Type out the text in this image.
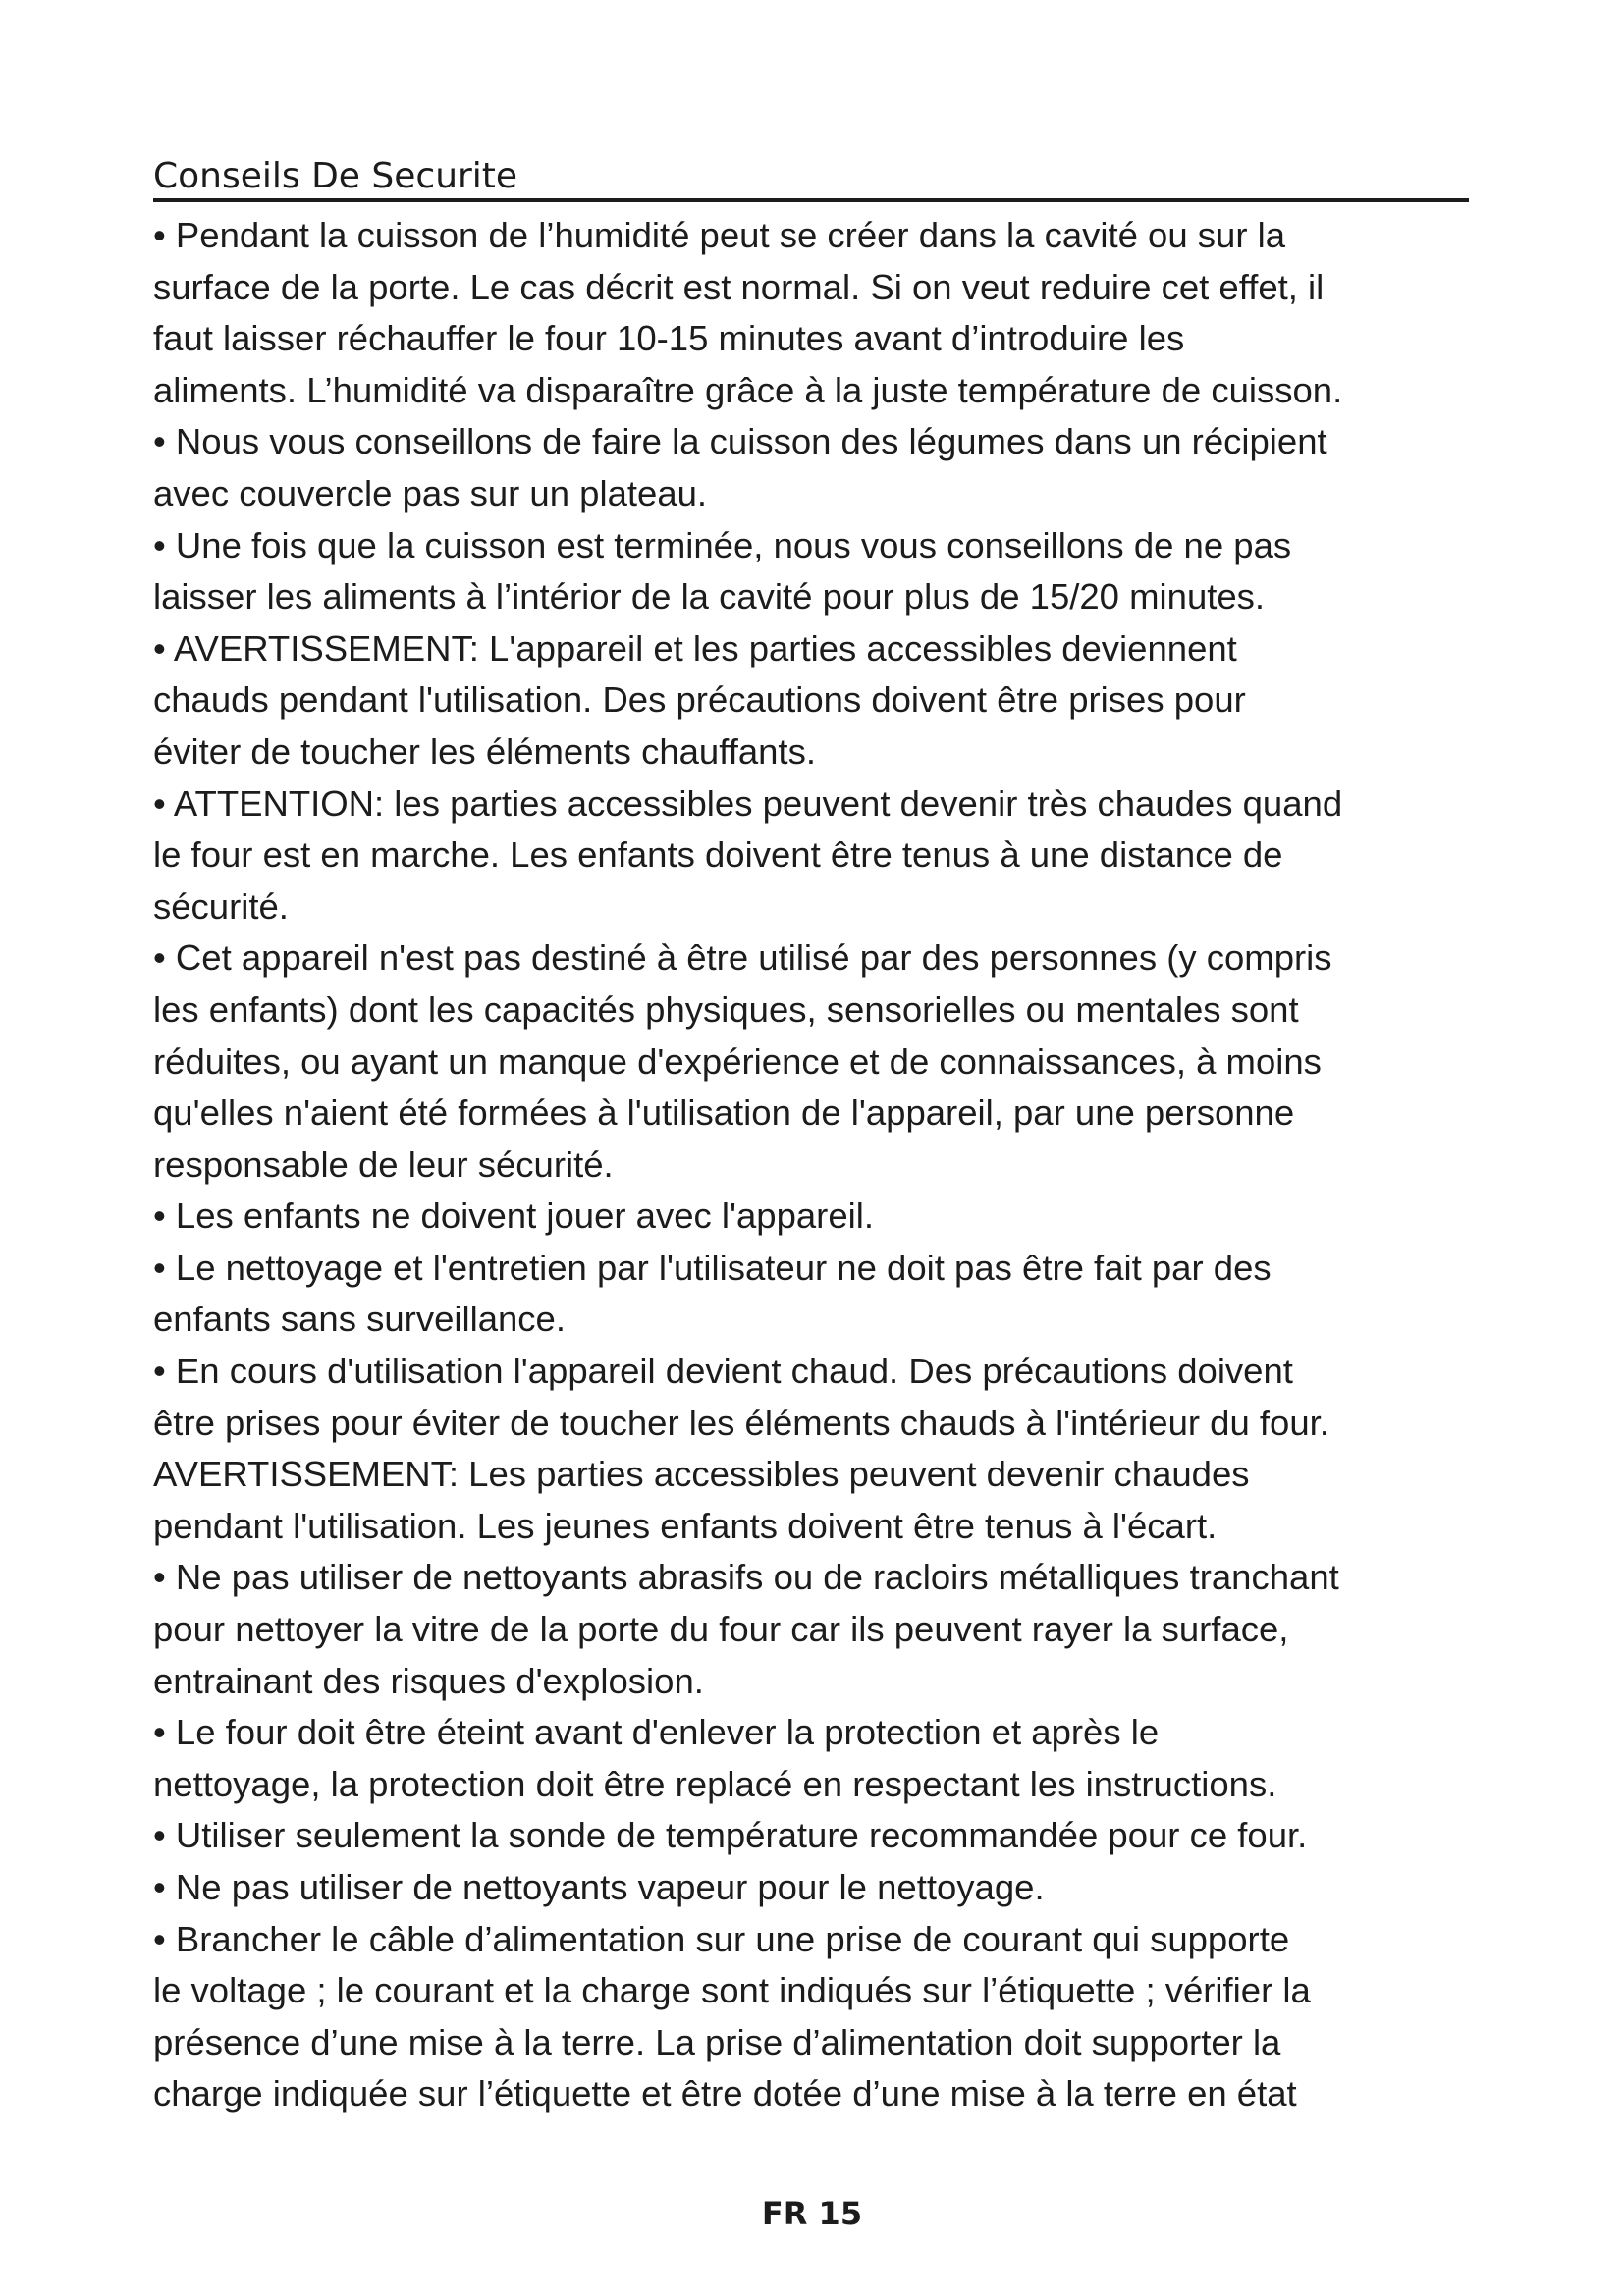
Conseils De Securite
• Pendant la cuisson de l’humidité peut se créer dans la cavité ou sur la
surface de la porte. Le cas décrit est normal. Si on veut reduire cet effet, il
faut laisser réchauffer le four 10-15 minutes avant d’introduire les
aliments. L’humidité va disparaître grâce à la juste température de cuisson.
• Nous vous conseillons de faire la cuisson des légumes dans un récipient
avec couvercle pas sur un plateau.
• Une fois que la cuisson est terminée, nous vous conseillons de ne pas
laisser les aliments à l’intérior de la cavité pour plus de 15/20 minutes.
• AVERTISSEMENT: L'appareil et les parties accessibles deviennent
chauds pendant l'utilisation. Des précautions doivent être prises pour
éviter de toucher les éléments chauffants.
• ATTENTION: les parties accessibles peuvent devenir très chaudes quand
le four est en marche. Les enfants doivent être tenus à une distance de
sécurité.
• Cet appareil n'est pas destiné à être utilisé par des personnes (y compris
les enfants) dont les capacités physiques, sensorielles ou mentales sont
réduites, ou ayant un manque d'expérience et de connaissances, à moins
qu'elles n'aient été formées à l'utilisation de l'appareil, par une personne
responsable de leur sécurité.
• Les enfants ne doivent jouer avec l'appareil.
• Le nettoyage et l'entretien par l'utilisateur ne doit pas être fait par des
enfants sans surveillance.
• En cours d'utilisation l'appareil devient chaud. Des précautions doivent
être prises pour éviter de toucher les éléments chauds à l'intérieur du four.
AVERTISSEMENT: Les parties accessibles peuvent devenir chaudes
pendant l'utilisation. Les jeunes enfants doivent être tenus à l'écart.
• Ne pas utiliser de nettoyants abrasifs ou de racloirs métalliques tranchant
pour nettoyer la vitre de la porte du four car ils peuvent rayer la surface,
entrainant des risques d'explosion.
• Le four doit être éteint avant d'enlever la protection et après le
nettoyage, la protection doit être replacé en respectant les instructions.
• Utiliser seulement la sonde de température recommandée pour ce four.
• Ne pas utiliser de nettoyants vapeur pour le nettoyage.
• Brancher le câble d’alimentation sur une prise de courant qui supporte
le voltage ; le courant et la charge sont indiqués sur l’étiquette ; vérifier la
présence d’une mise à la terre. La prise d’alimentation doit supporter la
charge indiquée sur l’étiquette et être dotée d’une mise à la terre en état
FR 15
